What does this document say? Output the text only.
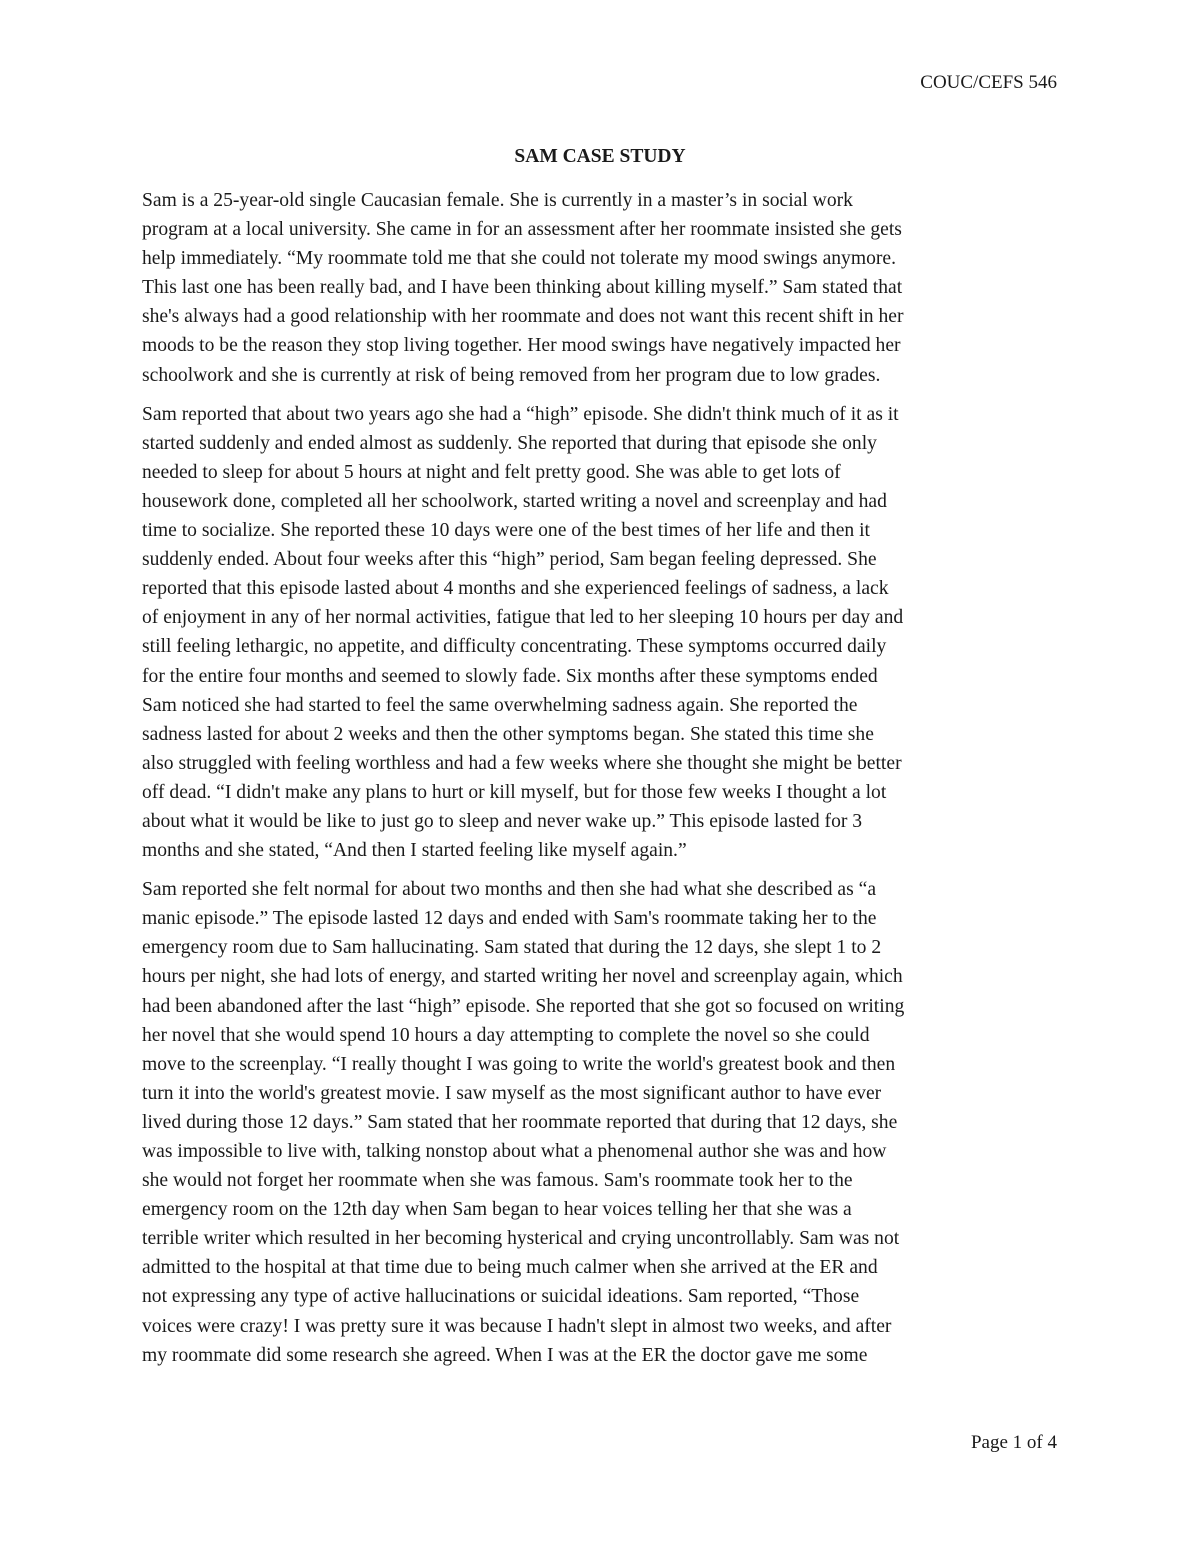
COUC/CEFS 546
SAM CASE STUDY
Sam is a 25-year-old single Caucasian female. She is currently in a master’s in social work
program at a local university. She came in for an assessment after her roommate insisted she gets
help immediately. “My roommate told me that she could not tolerate my mood swings anymore.
This last one has been really bad, and I have been thinking about killing myself.” Sam stated that
she's always had a good relationship with her roommate and does not want this recent shift in her
moods to be the reason they stop living together. Her mood swings have negatively impacted her
schoolwork and she is currently at risk of being removed from her program due to low grades.
Sam reported that about two years ago she had a “high” episode. She didn't think much of it as it
started suddenly and ended almost as suddenly. She reported that during that episode she only
needed to sleep for about 5 hours at night and felt pretty good. She was able to get lots of
housework done, completed all her schoolwork, started writing a novel and screenplay and had
time to socialize. She reported these 10 days were one of the best times of her life and then it
suddenly ended. About four weeks after this “high” period, Sam began feeling depressed. She
reported that this episode lasted about 4 months and she experienced feelings of sadness, a lack
of enjoyment in any of her normal activities, fatigue that led to her sleeping 10 hours per day and
still feeling lethargic, no appetite, and difficulty concentrating. These symptoms occurred daily
for the entire four months and seemed to slowly fade. Six months after these symptoms ended
Sam noticed she had started to feel the same overwhelming sadness again. She reported the
sadness lasted for about 2 weeks and then the other symptoms began. She stated this time she
also struggled with feeling worthless and had a few weeks where she thought she might be better
off dead. “I didn't make any plans to hurt or kill myself, but for those few weeks I thought a lot
about what it would be like to just go to sleep and never wake up.” This episode lasted for 3
months and she stated, “And then I started feeling like myself again.”
Sam reported she felt normal for about two months and then she had what she described as “a
manic episode.” The episode lasted 12 days and ended with Sam's roommate taking her to the
emergency room due to Sam hallucinating. Sam stated that during the 12 days, she slept 1 to 2
hours per night, she had lots of energy, and started writing her novel and screenplay again, which
had been abandoned after the last “high” episode. She reported that she got so focused on writing
her novel that she would spend 10 hours a day attempting to complete the novel so she could
move to the screenplay. “I really thought I was going to write the world's greatest book and then
turn it into the world's greatest movie. I saw myself as the most significant author to have ever
lived during those 12 days.” Sam stated that her roommate reported that during that 12 days, she
was impossible to live with, talking nonstop about what a phenomenal author she was and how
she would not forget her roommate when she was famous. Sam's roommate took her to the
emergency room on the 12th day when Sam began to hear voices telling her that she was a
terrible writer which resulted in her becoming hysterical and crying uncontrollably. Sam was not
admitted to the hospital at that time due to being much calmer when she arrived at the ER and
not expressing any type of active hallucinations or suicidal ideations. Sam reported, “Those
voices were crazy! I was pretty sure it was because I hadn't slept in almost two weeks, and after
my roommate did some research she agreed. When I was at the ER the doctor gave me some
Page 1 of 4
